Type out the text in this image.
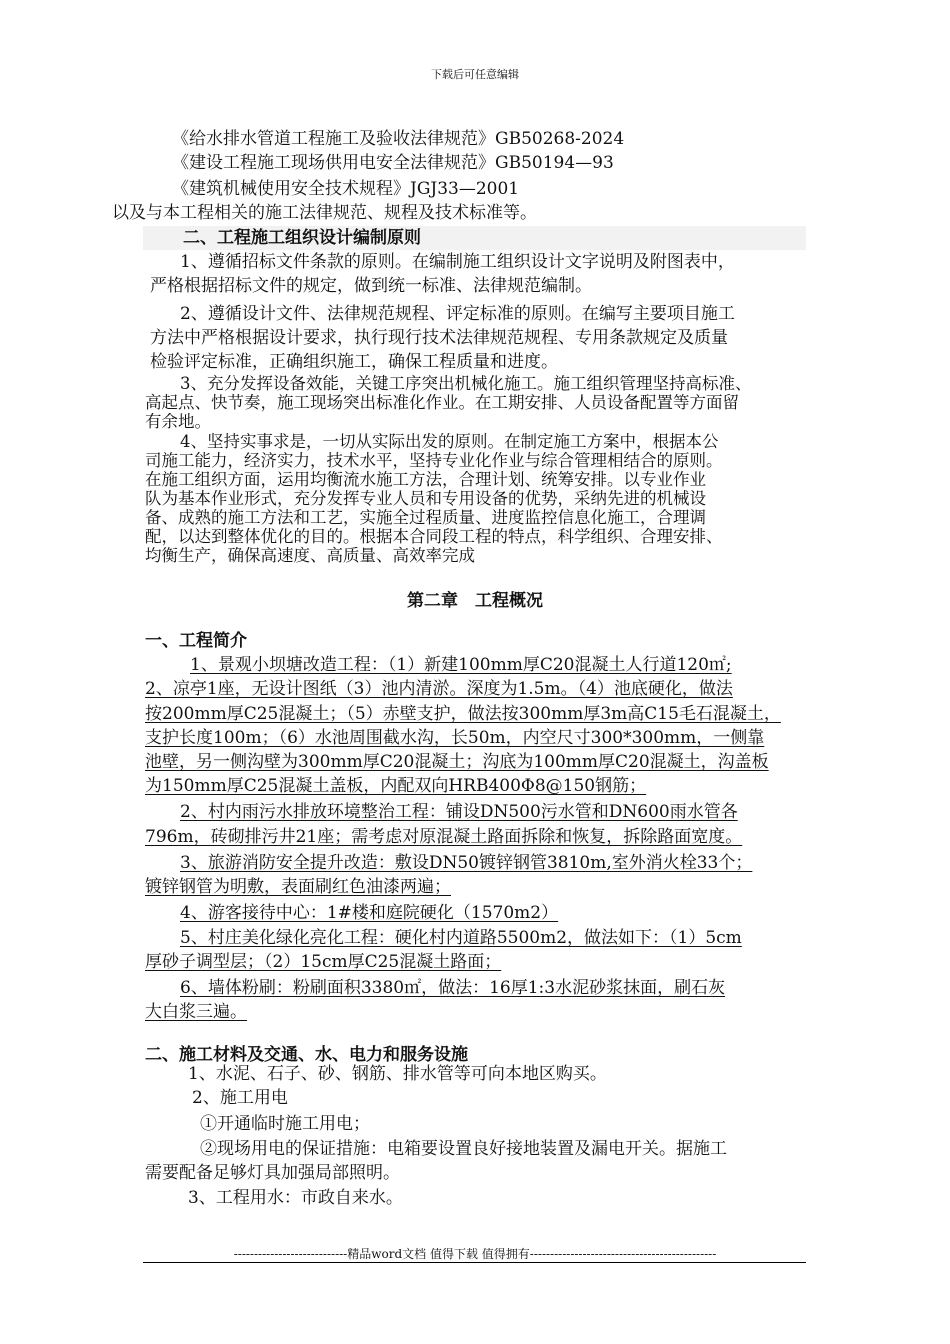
下载后可任意编辑
《给水排水管道工程施工及验收法律规范》GB50268-2024
《建设工程施工现场供用电安全法律规范》GB50194—93
《建筑机械使用安全技术规程》JGJ33—2001
以及与本工程相关的施工法律规范、规程及技术标准等。
二、工程施工组织设计编制原则
1、遵循招标文件条款的原则。在编制施工组织设计文字说明及附图表中，
严格根据招标文件的规定，做到统一标准、法律规范编制。
2、遵循设计文件、法律规范规程、评定标准的原则。在编写主要项目施工
方法中严格根据设计要求，执行现行技术法律规范规程、专用条款规定及质量
检验评定标准，正确组织施工，确保工程质量和进度。
3、充分发挥设备效能，关键工序突出机械化施工。施工组织管理坚持高标准、
高起点、快节奏，施工现场突出标准化作业。在工期安排、人员设备配置等方面留
有余地。
4、坚持实事求是，一切从实际出发的原则。在制定施工方案中，根据本公
司施工能力，经济实力，技术水平，坚持专业化作业与综合管理相结合的原则。
在施工组织方面，运用均衡流水施工方法，合理计划、统筹安排。以专业作业
队为基本作业形式，充分发挥专业人员和专用设备的优势，采纳先进的机械设
备、成熟的施工方法和工艺，实施全过程质量、进度监控信息化施工，合理调
配，以达到整体优化的目的。根据本合同段工程的特点，科学组织、合理安排、
均衡生产，确保高速度、高质量、高效率完成
第二章　工程概况
一、工程简介
1、景观小坝塘改造工程：（1）新建100mm厚C20混凝土人行道120㎡;
2、凉亭1座，无设计图纸（3）池内清淤。深度为1.5m。（4）池底硬化，做法
按200mm厚C25混凝土；（5）赤壁支护，做法按300mm厚3m高C15毛石混凝土，
支护长度100m；（6）水池周围截水沟，长50m，内空尺寸300*300mm，一侧靠
池壁，另一侧沟壁为300mm厚C20混凝土；沟底为100mm厚C20混凝土，沟盖板
为150mm厚C25混凝土盖板，内配双向HRB400Φ8@150钢筋；
2、村内雨污水排放环境整治工程：铺设DN500污水管和DN600雨水管各
796m，砖砌排污井21座；需考虑对原混凝土路面拆除和恢复，拆除路面宽度。
3、旅游消防安全提升改造：敷设DN50镀锌钢管3810m,室外消火栓33个；
镀锌钢管为明敷，表面刷红色油漆两遍；
4、游客接待中心：1#楼和庭院硬化（1570m2）
5、村庄美化绿化亮化工程：硬化村内道路5500m2，做法如下：（1）5cm
厚砂子调型层；（2）15cm厚C25混凝土路面；
6、墙体粉刷：粉刷面积3380㎡，做法：16厚1:3水泥砂浆抹面，刷石灰
大白浆三遍。
二、施工材料及交通、水、电力和服务设施
1、水泥、石子、砂、钢筋、排水管等可向本地区购买。
2、施工用电
①开通临时施工用电；
②现场用电的保证措施：电箱要设置良好接地装置及漏电开关。据施工
需要配备足够灯具加强局部照明。
3、工程用水：市政自来水。
----------------------------精品word文档 值得下载 值得拥有----------------------------------------------
